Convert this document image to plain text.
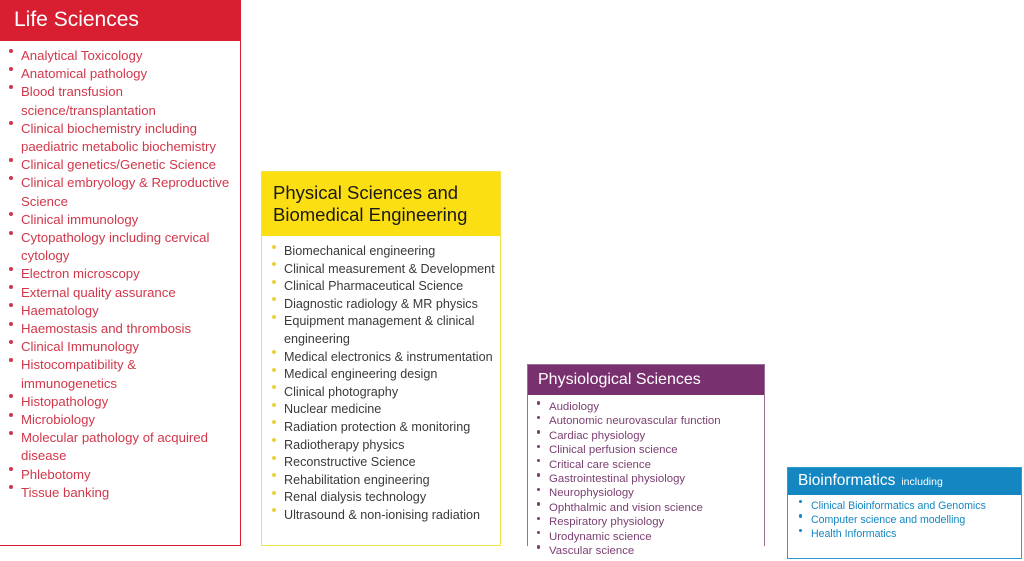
Life Sciences
Analytical Toxicology
Anatomical pathology
Blood transfusion science/transplantation
Clinical biochemistry including paediatric metabolic biochemistry
Clinical genetics/Genetic Science
Clinical embryology & Reproductive Science
Clinical immunology
Cytopathology including cervical cytology
Electron microscopy
External quality assurance
Haematology
Haemostasis and thrombosis
Clinical Immunology
Histocompatibility & immunogenetics
Histopathology
Microbiology
Molecular pathology of acquired disease
Phlebotomy
Tissue banking
Physical Sciences and Biomedical Engineering
Biomechanical engineering
Clinical measurement & Development
Clinical Pharmaceutical Science
Diagnostic radiology & MR physics
Equipment management & clinical engineering
Medical electronics & instrumentation
Medical engineering design
Clinical photography
Nuclear medicine
Radiation protection & monitoring
Radiotherapy physics
Reconstructive Science
Rehabilitation engineering
Renal dialysis technology
Ultrasound & non-ionising radiation
Physiological Sciences
Audiology
Autonomic neurovascular function
Cardiac physiology
Clinical perfusion science
Critical care science
Gastrointestinal physiology
Neurophysiology
Ophthalmic and vision science
Respiratory physiology
Urodynamic science
Vascular science
Bioinformatics including
Clinical Bioinformatics and Genomics
Computer science and modelling
Health Informatics
